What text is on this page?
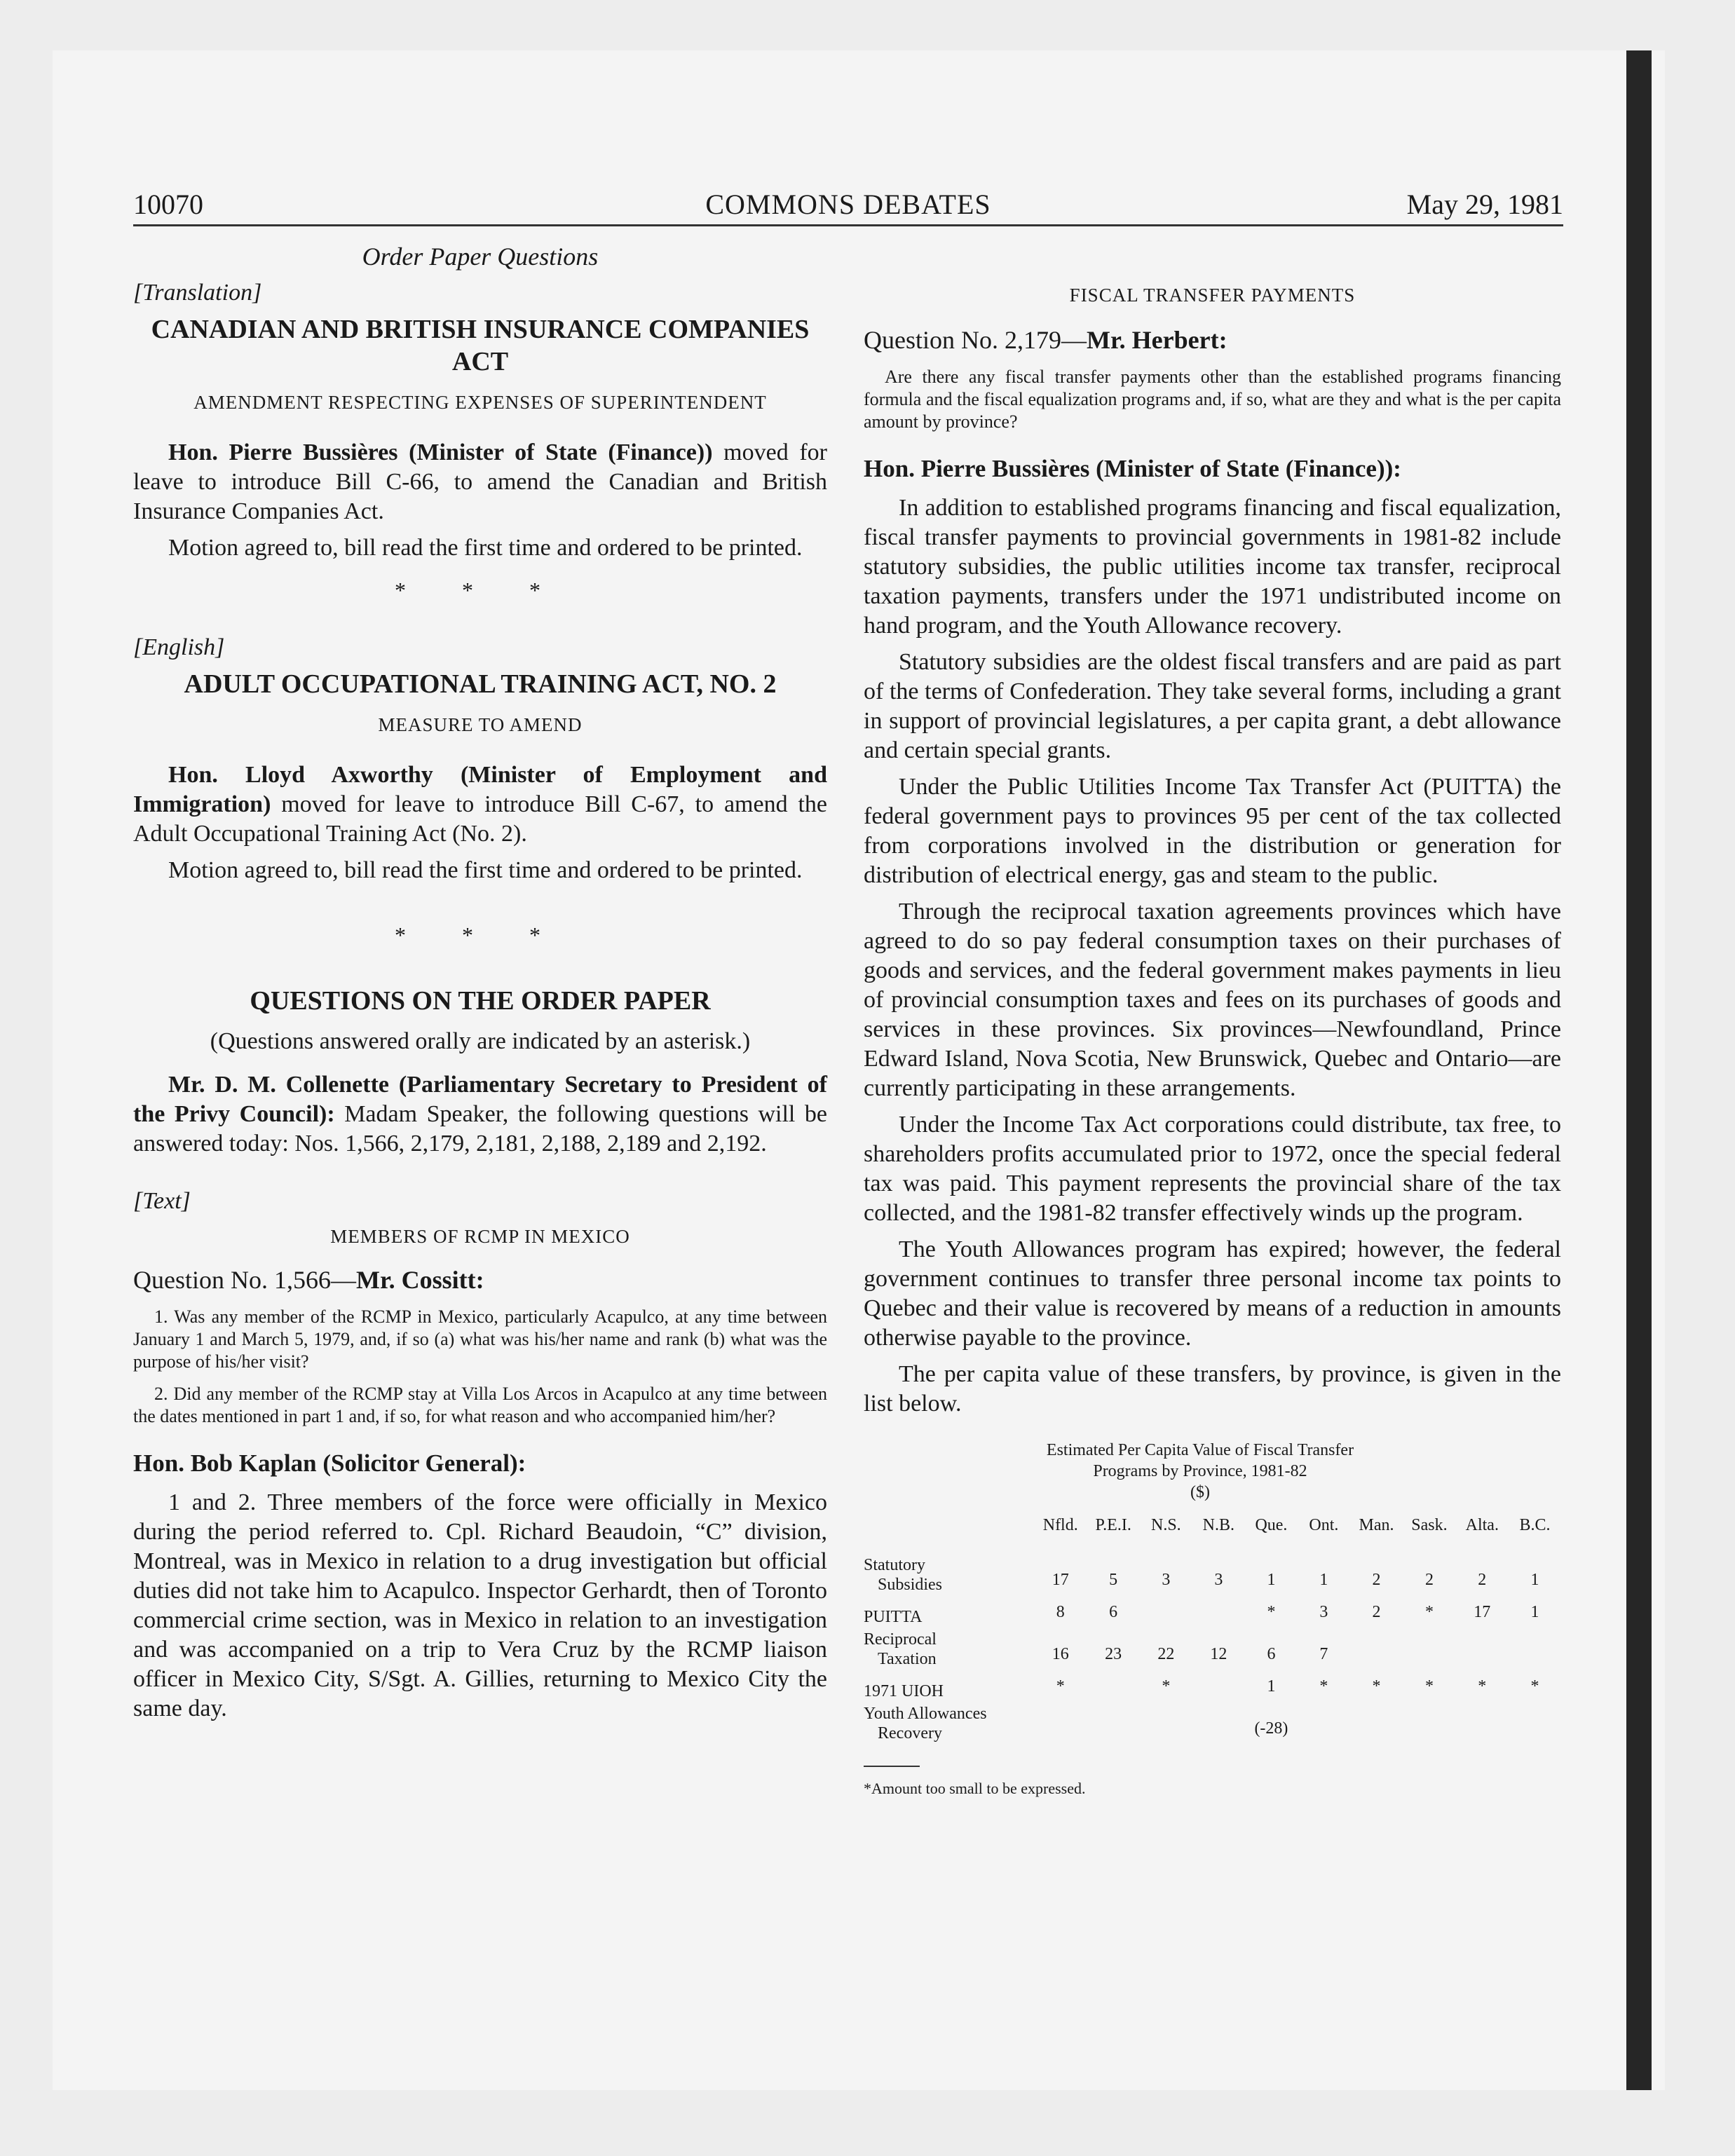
10070	COMMONS DEBATES	May 29, 1981
Order Paper Questions
[Translation]
CANADIAN AND BRITISH INSURANCE COMPANIES ACT
AMENDMENT RESPECTING EXPENSES OF SUPERINTENDENT

Hon. Pierre Bussières (Minister of State (Finance)) moved for leave to introduce Bill C-66, to amend the Canadian and British Insurance Companies Act.

Motion agreed to, bill read the first time and ordered to be printed.

* * *
[English]
ADULT OCCUPATIONAL TRAINING ACT, NO. 2
MEASURE TO AMEND

Hon. Lloyd Axworthy (Minister of Employment and Immigration) moved for leave to introduce Bill C-67, to amend the Adult Occupational Training Act (No. 2).

Motion agreed to, bill read the first time and ordered to be printed.

* * *
QUESTIONS ON THE ORDER PAPER

(Questions answered orally are indicated by an asterisk.)

Mr. D. M. Collenette (Parliamentary Secretary to President of the Privy Council): Madam Speaker, the following questions will be answered today: Nos. 1,566, 2,179, 2,181, 2,188, 2,189 and 2,192.

[Text]
MEMBERS OF RCMP IN MEXICO
Question No. 1,566—Mr. Cossitt:
1. Was any member of the RCMP in Mexico, particularly Acapulco, at any time between January 1 and March 5, 1979, and, if so (a) what was his/her name and rank (b) what was the purpose of his/her visit?
2. Did any member of the RCMP stay at Villa Los Arcos in Acapulco at any time between the dates mentioned in part 1 and, if so, for what reason and who accompanied him/her?
Hon. Bob Kaplan (Solicitor General):

1 and 2. Three members of the force were officially in Mexico during the period referred to. Cpl. Richard Beaudoin, “C” division, Montreal, was in Mexico in relation to a drug investigation but official duties did not take him to Acapulco. Inspector Gerhardt, then of Toronto commercial crime section, was in Mexico in relation to an investigation and was accompanied on a trip to Vera Cruz by the RCMP liaison officer in Mexico City, S/Sgt. A. Gillies, returning to Mexico City the same day.

FISCAL TRANSFER PAYMENTS
Question No. 2,179—Mr. Herbert:
Are there any fiscal transfer payments other than the established programs financing formula and the fiscal equalization programs and, if so, what are they and what is the per capita amount by province?
Hon. Pierre Bussières (Minister of State (Finance)):

In addition to established programs financing and fiscal equalization, fiscal transfer payments to provincial governments in 1981-82 include statutory subsidies, the public utilities income tax transfer, reciprocal taxation payments, transfers under the 1971 undistributed income on hand program, and the Youth Allowance recovery.

Statutory subsidies are the oldest fiscal transfers and are paid as part of the terms of Confederation. They take several forms, including a grant in support of provincial legislatures, a per capita grant, a debt allowance and certain special grants.

Under the Public Utilities Income Tax Transfer Act (PUITTA) the federal government pays to provinces 95 per cent of the tax collected from corporations involved in the distribution or generation for distribution of electrical energy, gas and steam to the public.

Through the reciprocal taxation agreements provinces which have agreed to do so pay federal consumption taxes on their purchases of goods and services, and the federal government makes payments in lieu of provincial consumption taxes and fees on its purchases of goods and services in these provinces. Six provinces—Newfoundland, Prince Edward Island, Nova Scotia, New Brunswick, Quebec and Ontario—are currently participating in these arrangements.

Under the Income Tax Act corporations could distribute, tax free, to shareholders profits accumulated prior to 1972, once the special federal tax was paid. This payment represents the provincial share of the tax collected, and the 1981-82 transfer effectively winds up the program.

The Youth Allowances program has expired; however, the federal government continues to transfer three personal income tax points to Quebec and their value is recovered by means of a reduction in amounts otherwise payable to the province.

The per capita value of these transfers, by province, is given in the list below.

Estimated Per Capita Value of Fiscal Transfer
Programs by Province, 1981-82
($)
	Nfld.	P.E.I.	N.S.	N.B.	Que.	Ont.	Man.	Sask.	Alta.	B.C.

Statutory
Subsidies	17	5	3	3	1	1	2	2	2	1

PUITTA	8	6			*	3	2	*	17	1

Reciprocal
Taxation	16	23	22	12	6	7				

1971 UIOH	*		*		1	*	*	*	*	*

Youth Allowances
Recovery					(-28)					
*Amount too small to be expressed.
